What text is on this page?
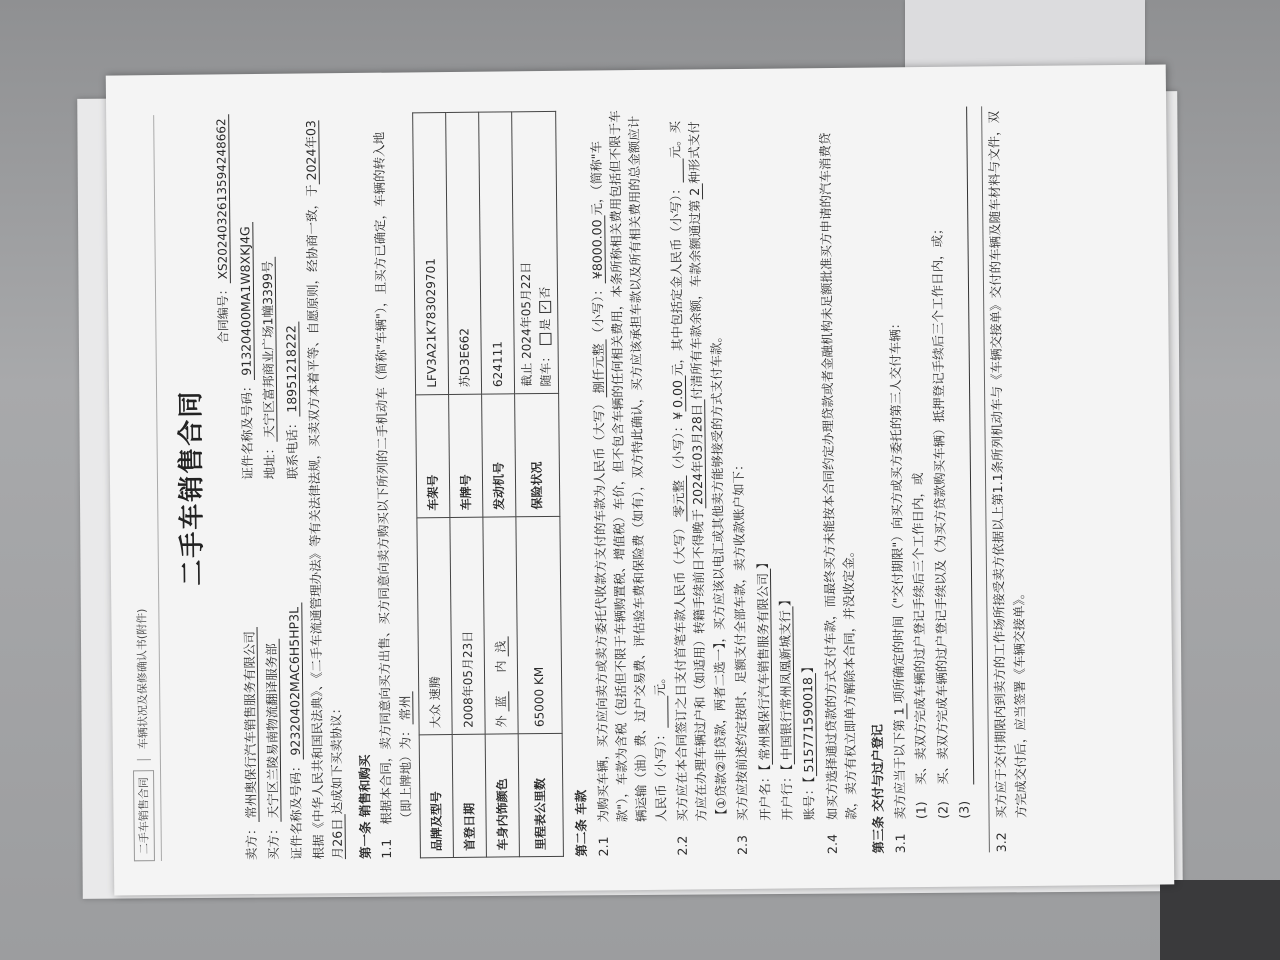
二手车销售合同
车辆状况及保修确认书(附件)
二手车销售合同
合同编号：XS20240326135942486​62
卖方：常州奥保行汽车销售服务有限公司
证件名称及号码：91320400MA1W8XKJ4G
买方：天宁区兰陵易南物流翻译服务部
地址：天宁区富邦商业广场1幢3399号
证件名称及号码：92320402MAC6H5HP3L
联系电话：18951218222 根据《中华人民共和国民法典》、《二手车流通管理办法》等有关法律法规，买卖双方本着平等、自愿原则，经协商一致，于2024年03月26日达成如下买卖协议： 第一条 销售和购买 1.1
根据本合同，卖方同意向买方出售、买方同意向卖方购买以下所列的二手机动车（简称"车辆"），且买方已确定，车辆的转入地（即上牌地）为：常州
品牌及型号	大众 速腾	车架号	LFV3A21K783029701
首登日期	2008年05月23日	车牌号	苏D3E662
车身内饰颜色	外 蓝     内 浅	发动机号	624111
里程表公里数	65000 KM	保险状况	截止 2024年05月22日 随车： 是 ✓否
第二条 车款 2.1
为购买车辆，买方应向卖方或卖方委托代收款方支付的车款为人民币（大写）捌仟元整（小写）：¥8000.00元，（简称"车款"），车款为含税（包括但不限于车辆购置税、增值税）车价，但不包含车辆的任何相关费用，本条所称相关费用包括但不限于车辆运输（油）费、过户交易费、评估验车费和保险费（如有），双方特此确认，买方应该承担车款以及所有相关费用的总金额应计人民币（小写）：      元。
2.2
买方应在本合同签订之日支付首笔车款人民币（大写）零元整（小写）：¥0.00元，其中包括定金人民币（小写）：    元。买方应在办理车辆过户和（如适用）转籍手续前日不得晚于2024年03月28日付清所有车款余额，车款余额通过第2种形式支付【①贷款②非贷款，两者二选一】，买方应该以电汇或其他卖方能够接受的方式支付车款。
2.3
买方应按前述约定按时、足额支付全部车款，卖方收款账户如下： 开户名：【常州奥保行汽车销售服务有限公司】
开户行：【中国银行常州凤凰新城支行】
账号：【515771590018】
2.4
如买方选择通过贷款的方式支付车款，而最终买方未能按本合同约定办理贷款或者金融机构未足额批准买方申请的汽车消费贷款，卖方有权立即单方解除本合同，并没收定金。 第三条 交付与过户登记 3.1
卖方应当于以下第1项所确定的时间（"交付期限"）向买方或买方委托的第三人交付车辆：
(1)
买、卖双方完成车辆的过户登记手续后三个工作日内，或
(2)
买、卖双方完成车辆的过户登记手续以及（为买方贷款购买车辆）抵押登记手续后三个工作日内，或；
(3)

3.2
买方应于交付期限内到卖方的工作场所接受卖方依据以上第1.1条所列机动车与《车辆交接单》交付的车辆及随车材料与文件，双方完成交付后，应当签署《车辆交接单》。
